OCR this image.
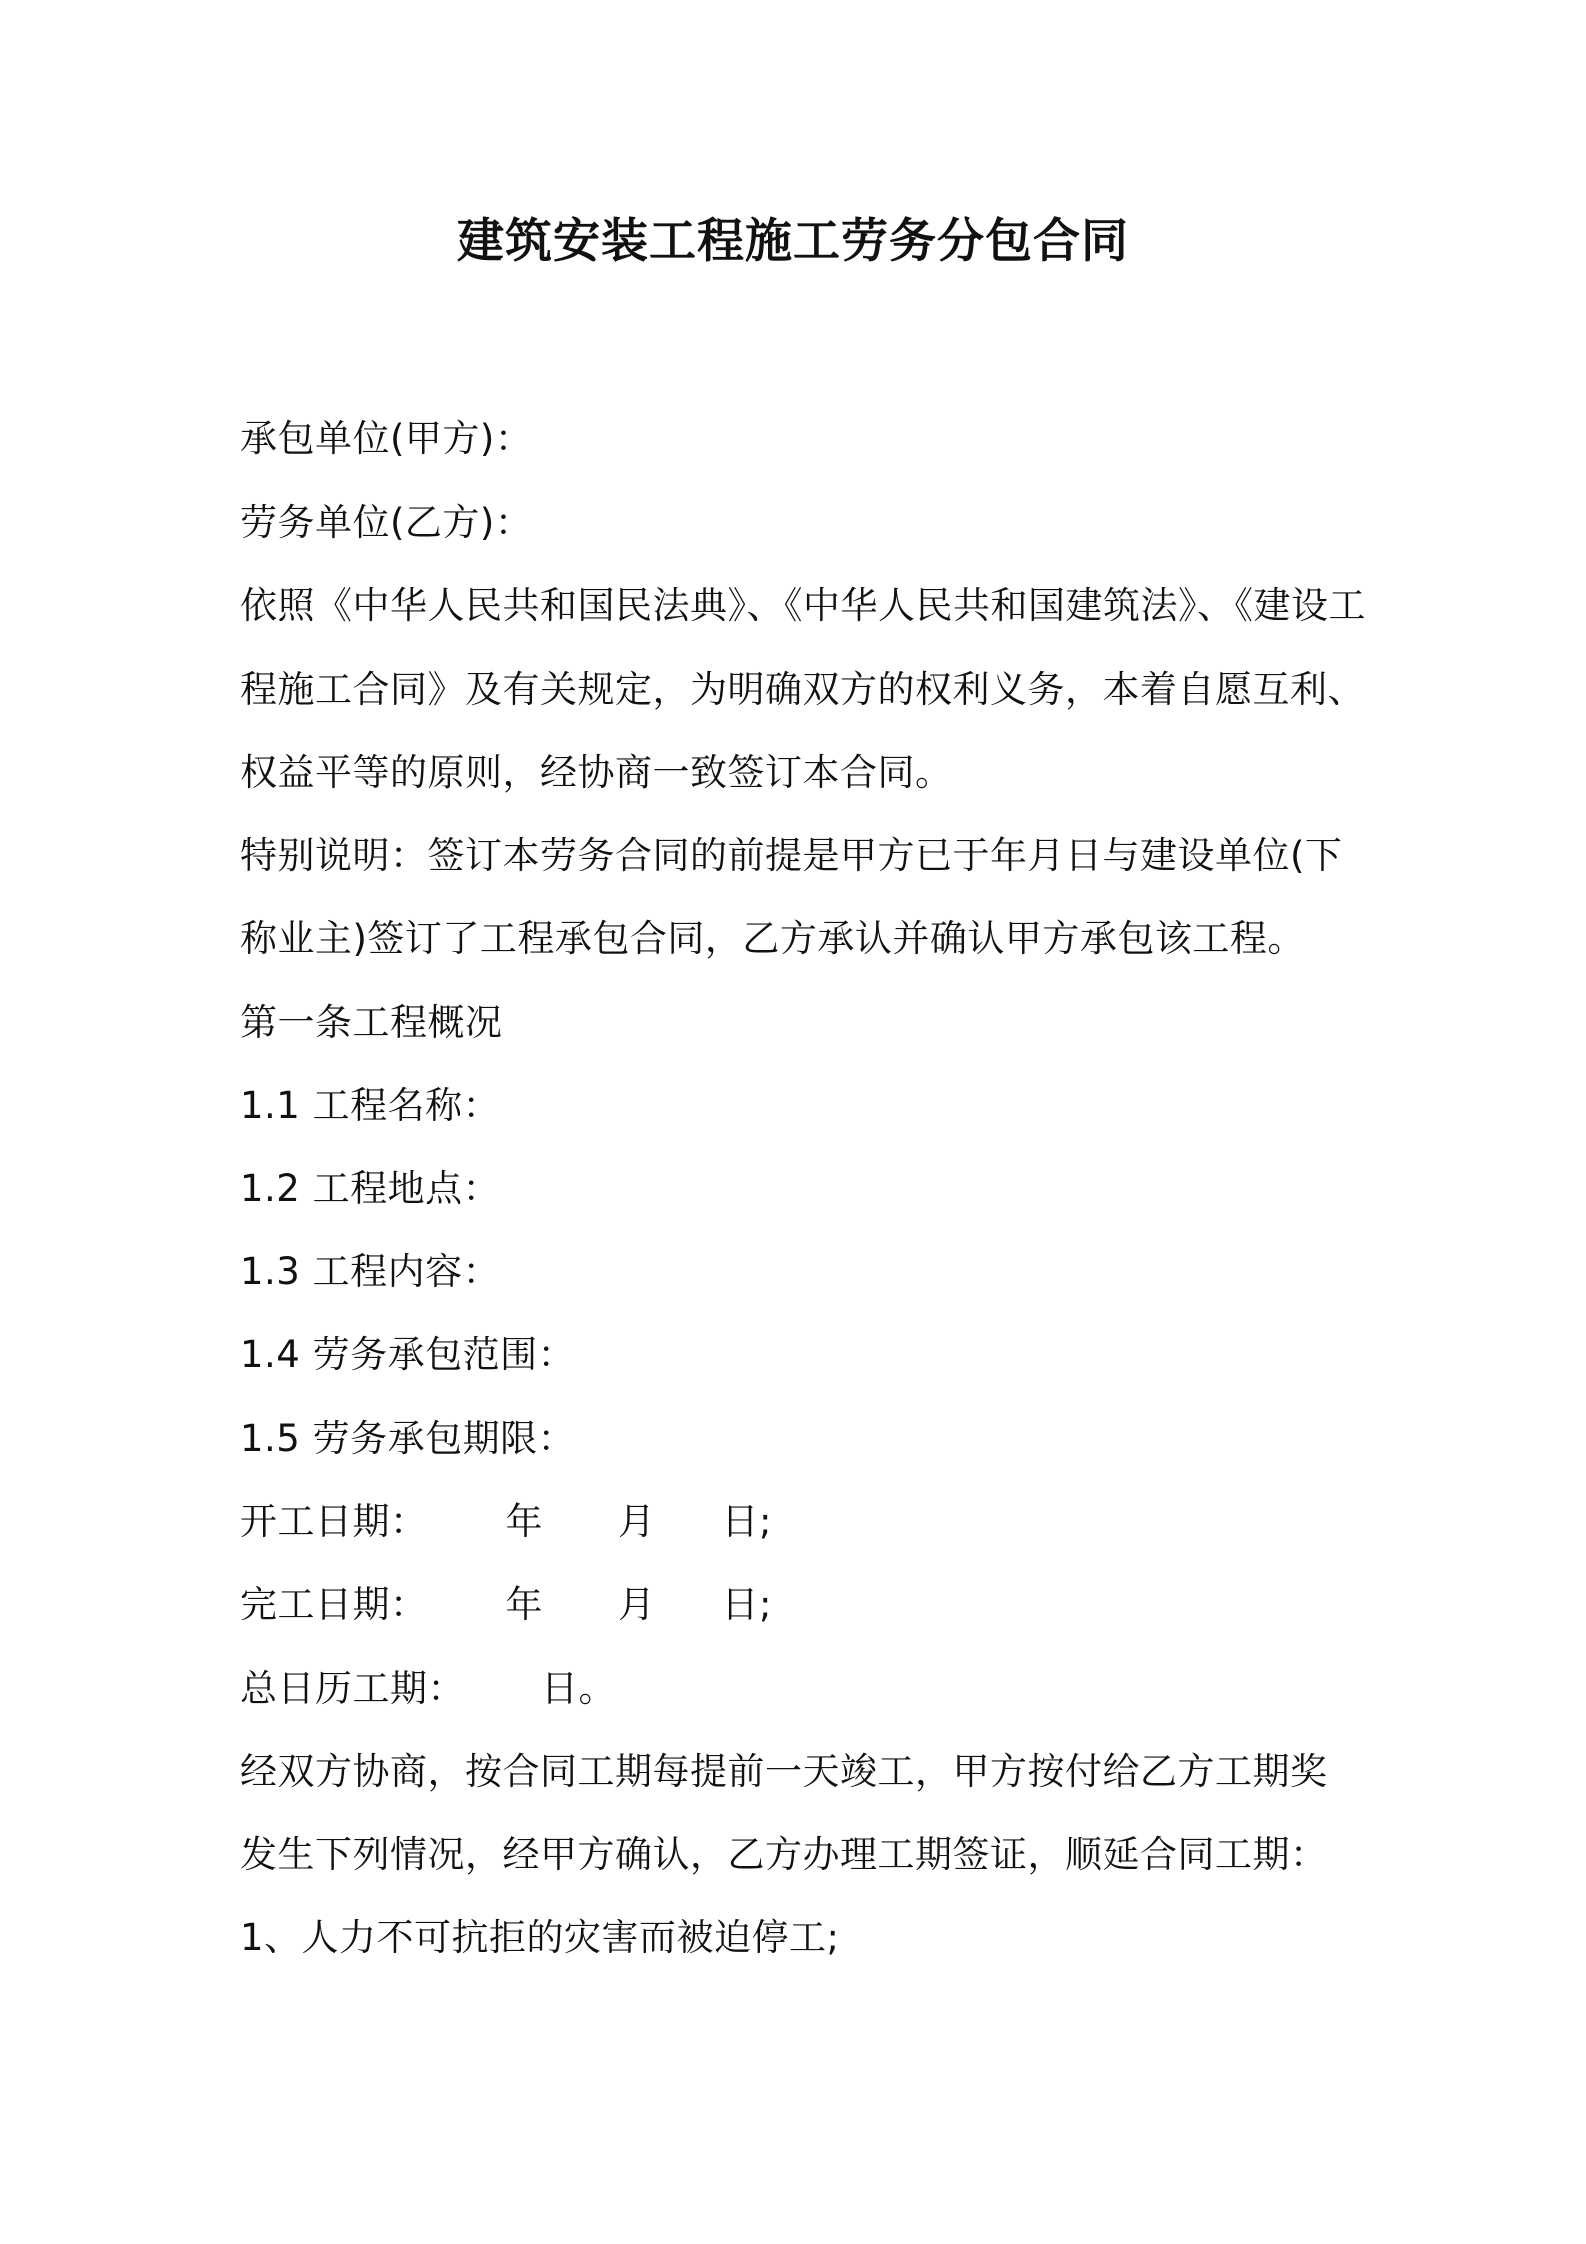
建筑安装工程施工劳务分包合同
承包单位(甲方)：
劳务单位(乙方)：
依照《中华人民共和国民法典》、《中华人民共和国建筑法》、《建设工
程施工合同》及有关规定，为明确双方的权利义务，本着自愿互利、
权益平等的原则，经协商一致签订本合同。
特别说明：签订本劳务合同的前提是甲方已于年月日与建设单位(下
称业主)签订了工程承包合同，乙方承认并确认甲方承包该工程。
第一条工程概况
1.1 工程名称：
1.2 工程地点：
1.3 工程内容：
1.4 劳务承包范围：
1.5 劳务承包期限：
开工日期： 年 月 日;
完工日期： 年 月 日;
总日历工期： 日。
经双方协商，按合同工期每提前一天竣工，甲方按付给乙方工期奖
发生下列情况，经甲方确认，乙方办理工期签证，顺延合同工期：
1、人力不可抗拒的灾害而被迫停工;
